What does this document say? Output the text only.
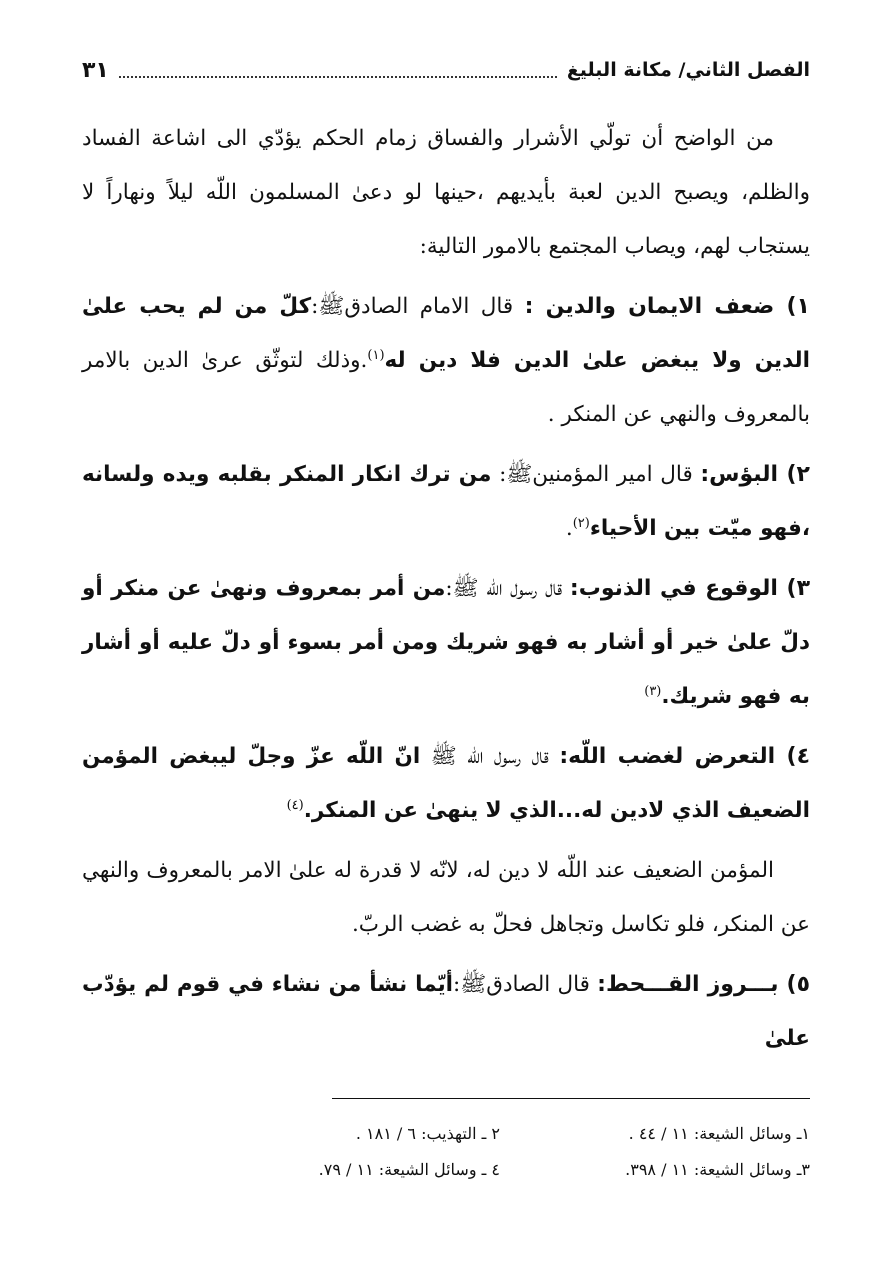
الفصل الثاني/ مكانة البليغ
٣١

من الواضح أن تولّي الأشرار والفساق زمام الحكم يؤدّي الى اشاعة الفساد والظلم، ويصبح الدين لعبة بأيديهم ،حينها لو دعىٰ المسلمون اللّه ليلاً ونهاراً لا يستجاب لهم، ويصاب المجتمع بالامور التالية:

١) ضعف الايمان والدين : قال الامام الصادقﷺ:كلّ من لم يحب علىٰ الدين ولا يبغض علىٰ الدين فلا دين له$^{(١)}$.وذلك لتوثّق عرىٰ الدين بالامر بالمعروف والنهي عن المنكر .

٢) البؤس: قال امير المؤمنينﷺ: من ترك انكار المنكر بقلبه ويده ولسانه ،فهو ميّت بين الأحياء$^{(٢)}$.

٣) الوقوع في الذنوب: قال رسول اللّه ﷺ:من أمر بمعروف ونهىٰ عن منكر أو دلّ علىٰ خير أو أشار به فهو شريك ومن أمر بسوء أو دلّ عليه أو أشار به فهو شريك.$^{(٣)}$

٤) التعرض لغضب اللّه: قال رسول اللّه ﷺ انّ اللّه عزّ وجلّ ليبغض المؤمن الضعيف الذي لادين له...الذي لا ينهىٰ عن المنكر.$^{(٤)}$

المؤمن الضعيف عند اللّه لا دين له، لانّه لا قدرة له علىٰ الامر بالمعروف والنهي عن المنكر، فلو تكاسل وتجاهل فحلّ به غضب الربّ.

٥) بـــروز القـــحط: قال الصادقﷺ:أيّما نشأ من نشاء في قوم لم يؤدّب علىٰ

١ـ وسائل الشيعة: ١١ / ٤٤ .
٢ ـ التهذيب: ٦ / ١٨١ .
٣ـ وسائل الشيعة: ١١ / ٣٩٨.
٤ ـ وسائل الشيعة: ١١ / ٧٩.
